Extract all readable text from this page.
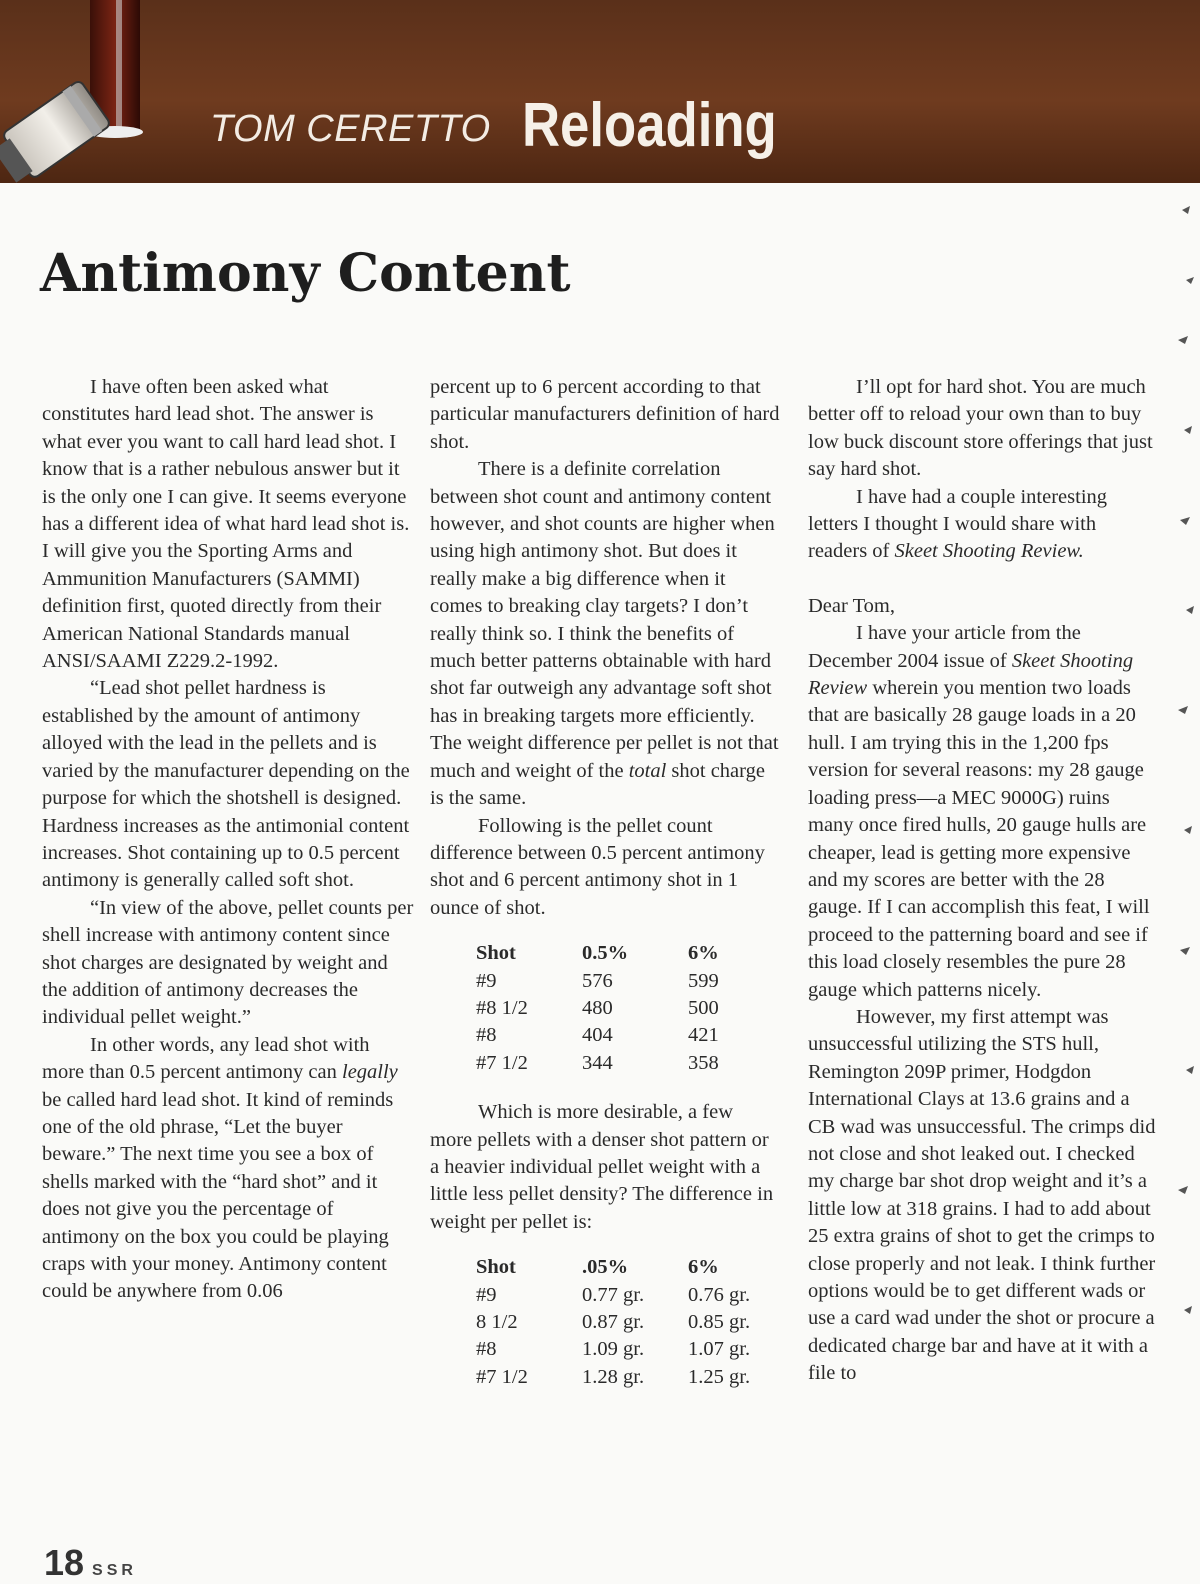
TOM CERETTO Reloading
Antimony Content

I have often been asked what constitutes hard lead shot. The answer is what ever you want to call hard lead shot. I know that is a rather nebulous answer but it is the only one I can give. It seems everyone has a different idea of what hard lead shot is. I will give you the Sporting Arms and Ammunition Manufacturers (SAMMI) definition first, quoted directly from their American National Standards manual ANSI/SAAMI Z229.2-1992.

“Lead shot pellet hardness is established by the amount of antimony alloyed with the lead in the pellets and is varied by the manufacturer depending on the purpose for which the shotshell is designed. Hardness increases as the antimonial content increases. Shot containing up to 0.5 percent antimony is generally called soft shot.

“In view of the above, pellet counts per shell increase with antimony content since shot charges are designated by weight and the addition of antimony decreases the individual pellet weight.”

In other words, any lead shot with more than 0.5 percent antimony can legally be called hard lead shot. It kind of reminds one of the old phrase, “Let the buyer beware.” The next time you see a box of shells marked with the “hard shot” and it does not give you the percentage of antimony on the box you could be playing craps with your money. Antimony content could be anywhere from 0.06

percent up to 6 percent according to that particular manufacturers definition of hard shot.

There is a definite correlation between shot count and antimony content however, and shot counts are higher when using high antimony shot. But does it really make a big difference when it comes to breaking clay targets? I don’t really think so. I think the benefits of much better patterns obtainable with hard shot far outweigh any advantage soft shot has in breaking targets more efficiently. The weight difference per pellet is not that much and weight of the total shot charge is the same.

Following is the pellet count difference between 0.5 percent antimony shot and 6 percent antimony shot in 1 ounce of shot.

Shot	0.5%	6%
#9	576	599
#8 1/2	480	500
#8	404	421
#7 1/2	344	358

Which is more desirable, a few more pellets with a denser shot pattern or a heavier individual pellet weight with a little less pellet density? The difference in weight per pellet is:

Shot	.05%	6%
#9	0.77 gr.	0.76 gr.
8 1/2	0.87 gr.	0.85 gr.
#8	1.09 gr.	1.07 gr.
#7 1/2	1.28 gr.	1.25 gr.

I’ll opt for hard shot. You are much better off to reload your own than to buy low buck discount store offerings that just say hard shot.

I have had a couple interesting letters I thought I would share with readers of Skeet Shooting Review.

Dear Tom,

I have your article from the December 2004 issue of Skeet Shooting Review wherein you mention two loads that are basically 28 gauge loads in a 20 hull. I am trying this in the 1,200 fps version for several reasons: my 28 gauge loading press—a MEC 9000G) ruins many once fired hulls, 20 gauge hulls are cheaper, lead is getting more expensive and my scores are better with the 28 gauge. If I can accomplish this feat, I will proceed to the patterning board and see if this load closely resembles the pure 28 gauge which patterns nicely.

However, my first attempt was unsuccessful utilizing the STS hull, Remington 209P primer, Hodgdon International Clays at 13.6 grains and a CB wad was unsuccessful. The crimps did not close and shot leaked out. I checked my charge bar shot drop weight and it’s a little low at 318 grains. I had to add about 25 extra grains of shot to get the crimps to close properly and not leak. I think further options would be to get different wads or use a card wad under the shot or procure a dedicated charge bar and have at it with a file to

18 SSR
